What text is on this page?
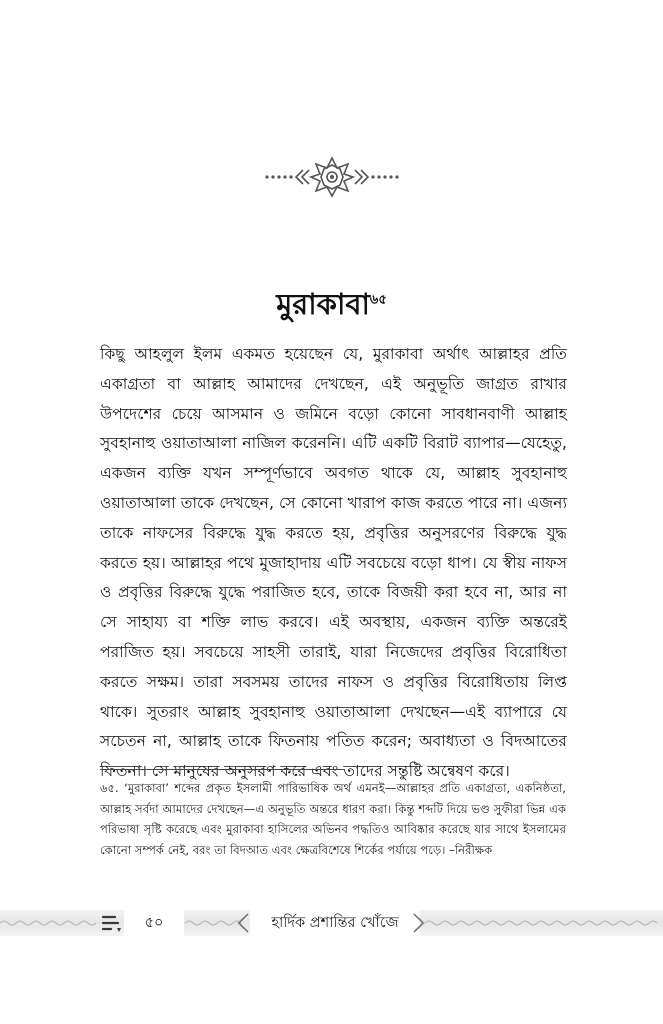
মুরাকাবা$^{৬৫}$

কিছু আহলুল ইলম একমত হয়েছেন যে, মুরাকাবা অর্থাৎ আল্লাহর প্রতি একাগ্রতা বা আল্লাহ আমাদের দেখছেন, এই অনুভূতি জাগ্রত রাখার উপদেশের চেয়ে আসমান ও জমিনে বড়ো কোনো সাবধানবাণী আল্লাহ সুবহানাহু ওয়াতাআলা নাজিল করেননি। এটি একটি বিরাট ব্যাপার—যেহেতু, একজন ব্যক্তি যখন সম্পূর্ণভাবে অবগত থাকে যে, আল্লাহ সুবহানাহু ওয়াতাআলা তাকে দেখছেন, সে কোনো খারাপ কাজ করতে পারে না। এজন্য তাকে নাফসের বিরুদ্ধে যুদ্ধ করতে হয়, প্রবৃত্তির অনুসরণের বিরুদ্ধে যুদ্ধ করতে হয়। আল্লাহর পথে মুজাহাদায় এটি সবচেয়ে বড়ো ধাপ। যে স্বীয় নাফস ও প্রবৃত্তির বিরুদ্ধে যুদ্ধে পরাজিত হবে, তাকে বিজয়ী করা হবে না, আর না সে সাহায্য বা শক্তি লাভ করবে। এই অবস্থায়, একজন ব্যক্তি অন্তরেই পরাজিত হয়। সবচেয়ে সাহসী তারাই, যারা নিজেদের প্রবৃত্তির বিরোধিতা করতে সক্ষম। তারা সবসময় তাদের নাফস ও প্রবৃত্তির বিরোধিতায় লিপ্ত থাকে। সুতরাং আল্লাহ সুবহানাহু ওয়াতাআলা দেখছেন—এই ব্যাপারে যে সচেতন না, আল্লাহ তাকে ফিতনায় পতিত করেন; অবাধ্যতা ও বিদআতের ফিতনা। সে মানুষের অনুসরণ করে এবং তাদের সন্তুষ্টি অন্বেষণ করে।

৬৫. ‘মুরাকাবা’ শব্দের প্রকৃত ইসলামী পারিভাষিক অর্থ এমনই—আল্লাহর প্রতি একাগ্রতা, একনিষ্ঠতা, আল্লাহ সর্বদা আমাদের দেখছেন—এ অনুভূতি অন্তরে ধারণ করা। কিন্তু শব্দটি দিয়ে ভণ্ড সুফীরা ভিন্ন এক পরিভাষা সৃষ্টি করেছে এবং মুরাকাবা হাসিলের অভিনব পদ্ধতিও আবিষ্কার করেছে যার সাথে ইসলামের কোনো সম্পর্ক নেই, বরং তা বিদআত এবং ক্ষেত্রবিশেষে শির্কের পর্যায়ে পড়ে। –নিরীক্ষক

৫০	হার্দিক প্রশান্তির খোঁজে
